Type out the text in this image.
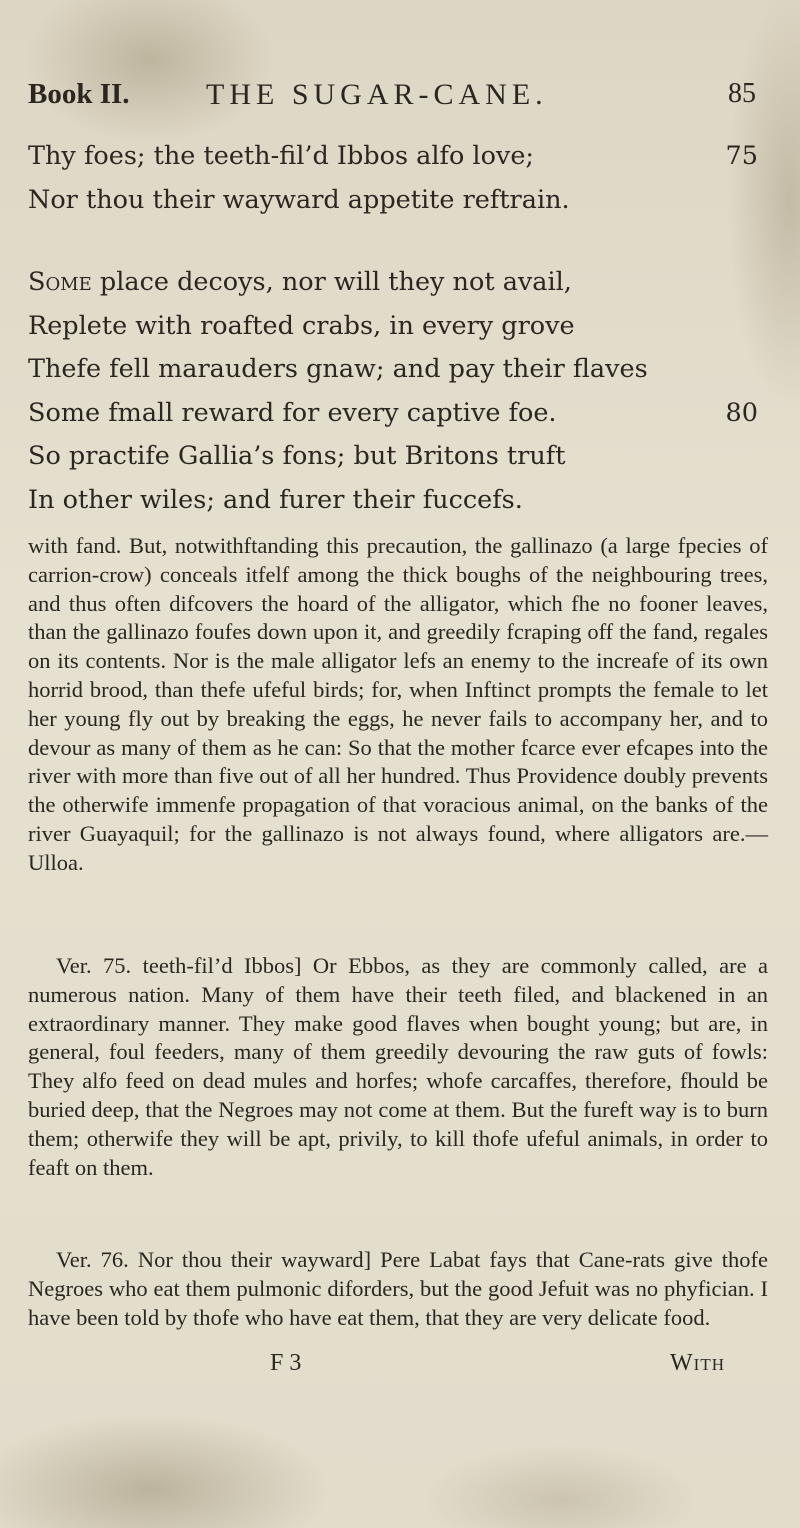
Book II.	THE SUGAR-CANE.	85
Thy foes; the teeth-fil’d Ibbos alfo love;	75
Nor thou their wayward appetite reftrain.
Some place decoys, nor will they not avail,
Replete with roafted crabs, in every grove
Thefe fell marauders gnaw; and pay their flaves
Some fmall reward for every captive foe.	80
So practife Gallia’s fons; but Britons truft
In other wiles; and furer their fuccefs.

with fand. But, notwithftanding this precaution, the gallinazo (a large fpecies of carrion-crow) conceals itfelf among the thick boughs of the neighbouring trees, and thus often difcovers the hoard of the alligator, which fhe no fooner leaves, than the gallinazo foufes down upon it, and greedily fcraping off the fand, regales on its contents. Nor is the male alligator lefs an enemy to the increafe of its own horrid brood, than thefe ufeful birds; for, when Inftinct prompts the female to let her young fly out by breaking the eggs, he never fails to accompany her, and to devour as many of them as he can: So that the mother fcarce ever efcapes into the river with more than five out of all her hundred. Thus Providence doubly prevents the otherwife immenfe propagation of that voracious animal, on the banks of the river Guayaquil; for the gallinazo is not always found, where alligators are.—Ulloa.

Ver. 75. teeth-fil’d Ibbos] Or Ebbos, as they are commonly called, are a numerous nation. Many of them have their teeth filed, and blackened in an extraordinary manner. They make good flaves when bought young; but are, in general, foul feeders, many of them greedily devouring the raw guts of fowls: They alfo feed on dead mules and horfes; whofe carcaffes, therefore, fhould be buried deep, that the Negroes may not come at them. But the fureft way is to burn them; otherwife they will be apt, privily, to kill thofe ufeful animals, in order to feaft on them.

Ver. 76. Nor thou their wayward] Pere Labat fays that Cane-rats give thofe Negroes who eat them pulmonic diforders, but the good Jefuit was no phyfician. I have been told by thofe who have eat them, that they are very delicate food.

F 3	With
